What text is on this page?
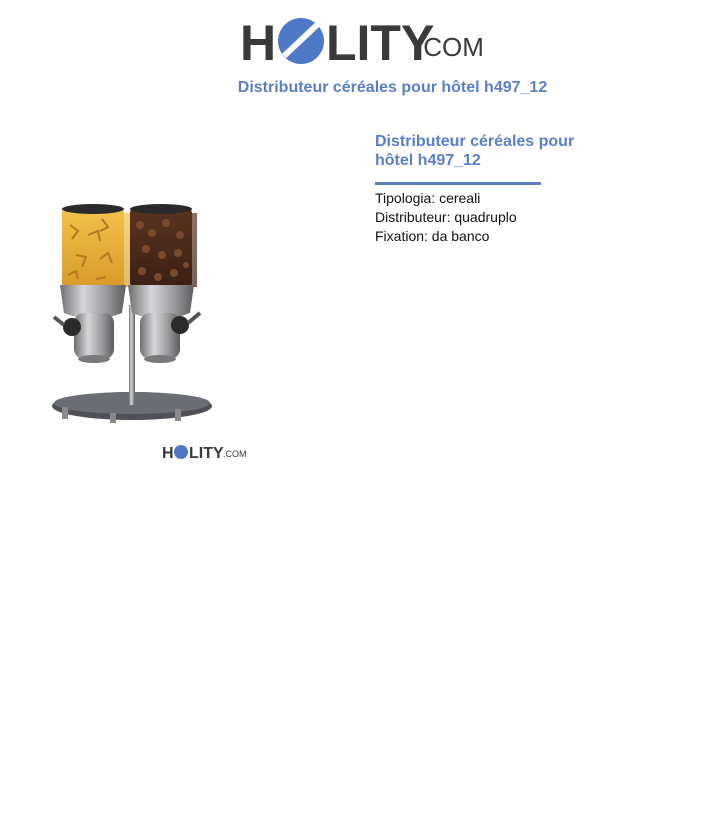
H LITY
.COM
Distributeur céréales pour hôtel h497_12
H LITY .COM
Distributeur céréales pour hôtel h497_12
Tipologia: cereali
Distributeur: quadruplo
Fixation: da banco
